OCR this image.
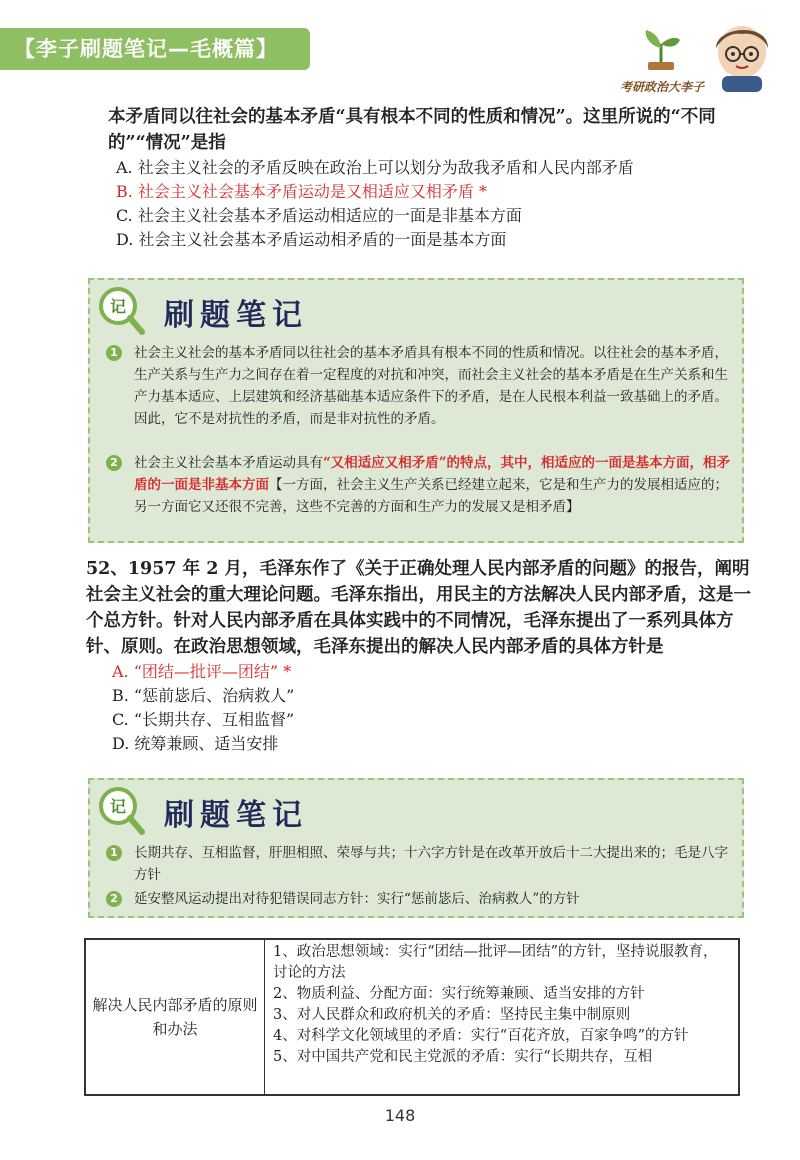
【李子刷题笔记—毛概篇】
考研政治大李子
本矛盾同以往社会的基本矛盾“具有根本不同的性质和情况”。这里所说的“不同的”“情况”是指
A. 社会主义社会的矛盾反映在政治上可以划分为敌我矛盾和人民内部矛盾
B. 社会主义社会基本矛盾运动是又相适应又相矛盾 *
C. 社会主义社会基本矛盾运动相适应的一面是非基本方面
D. 社会主义社会基本矛盾运动相矛盾的一面是基本方面
记 刷题笔记
1	社会主义社会的基本矛盾同以往社会的基本矛盾具有根本不同的性质和情况。以往社会的基本矛盾，生产关系与生产力之间存在着一定程度的对抗和冲突，而社会主义社会的基本矛盾是在生产关系和生产力基本适应、上层建筑和经济基础基本适应条件下的矛盾，是在人民根本利益一致基础上的矛盾。因此，它不是对抗性的矛盾，而是非对抗性的矛盾。
2	社会主义社会基本矛盾运动具有“又相适应又相矛盾”的特点，其中，相适应的一面是基本方面，相矛盾的一面是非基本方面【一方面，社会主义生产关系已经建立起来，它是和生产力的发展相适应的；另一方面它又还很不完善，这些不完善的方面和生产力的发展又是相矛盾】
52、1957 年 2 月，毛泽东作了《关于正确处理人民内部矛盾的问题》的报告，阐明社会主义社会的重大理论问题。毛泽东指出，用民主的方法解决人民内部矛盾，这是一个总方针。针对人民内部矛盾在具体实践中的不同情况，毛泽东提出了一系列具体方针、原则。在政治思想领域，毛泽东提出的解决人民内部矛盾的具体方针是
A. “团结—批评—团结” *
B. “惩前毖后、治病救人”
C. “长期共存、互相监督”
D. 统筹兼顾、适当安排
记 刷题笔记
1	长期共存、互相监督，肝胆相照、荣辱与共；十六字方针是在改革开放后十二大提出来的；毛是八字方针
2	延安整风运动提出对待犯错误同志方针：实行“惩前毖后、治病救人”的方针
解决人民内部矛盾的原则和办法	
1、政治思想领域：实行“团结—批评—团结”的方针，坚持说服教育，讨论的方法
2、物质利益、分配方面：实行统筹兼顾、适当安排的方针
3、对人民群众和政府机关的矛盾：坚持民主集中制原则
4、对科学文化领域里的矛盾：实行“百花齐放，百家争鸣”的方针
5、对中国共产党和民主党派的矛盾：实行“长期共存，互相
148
